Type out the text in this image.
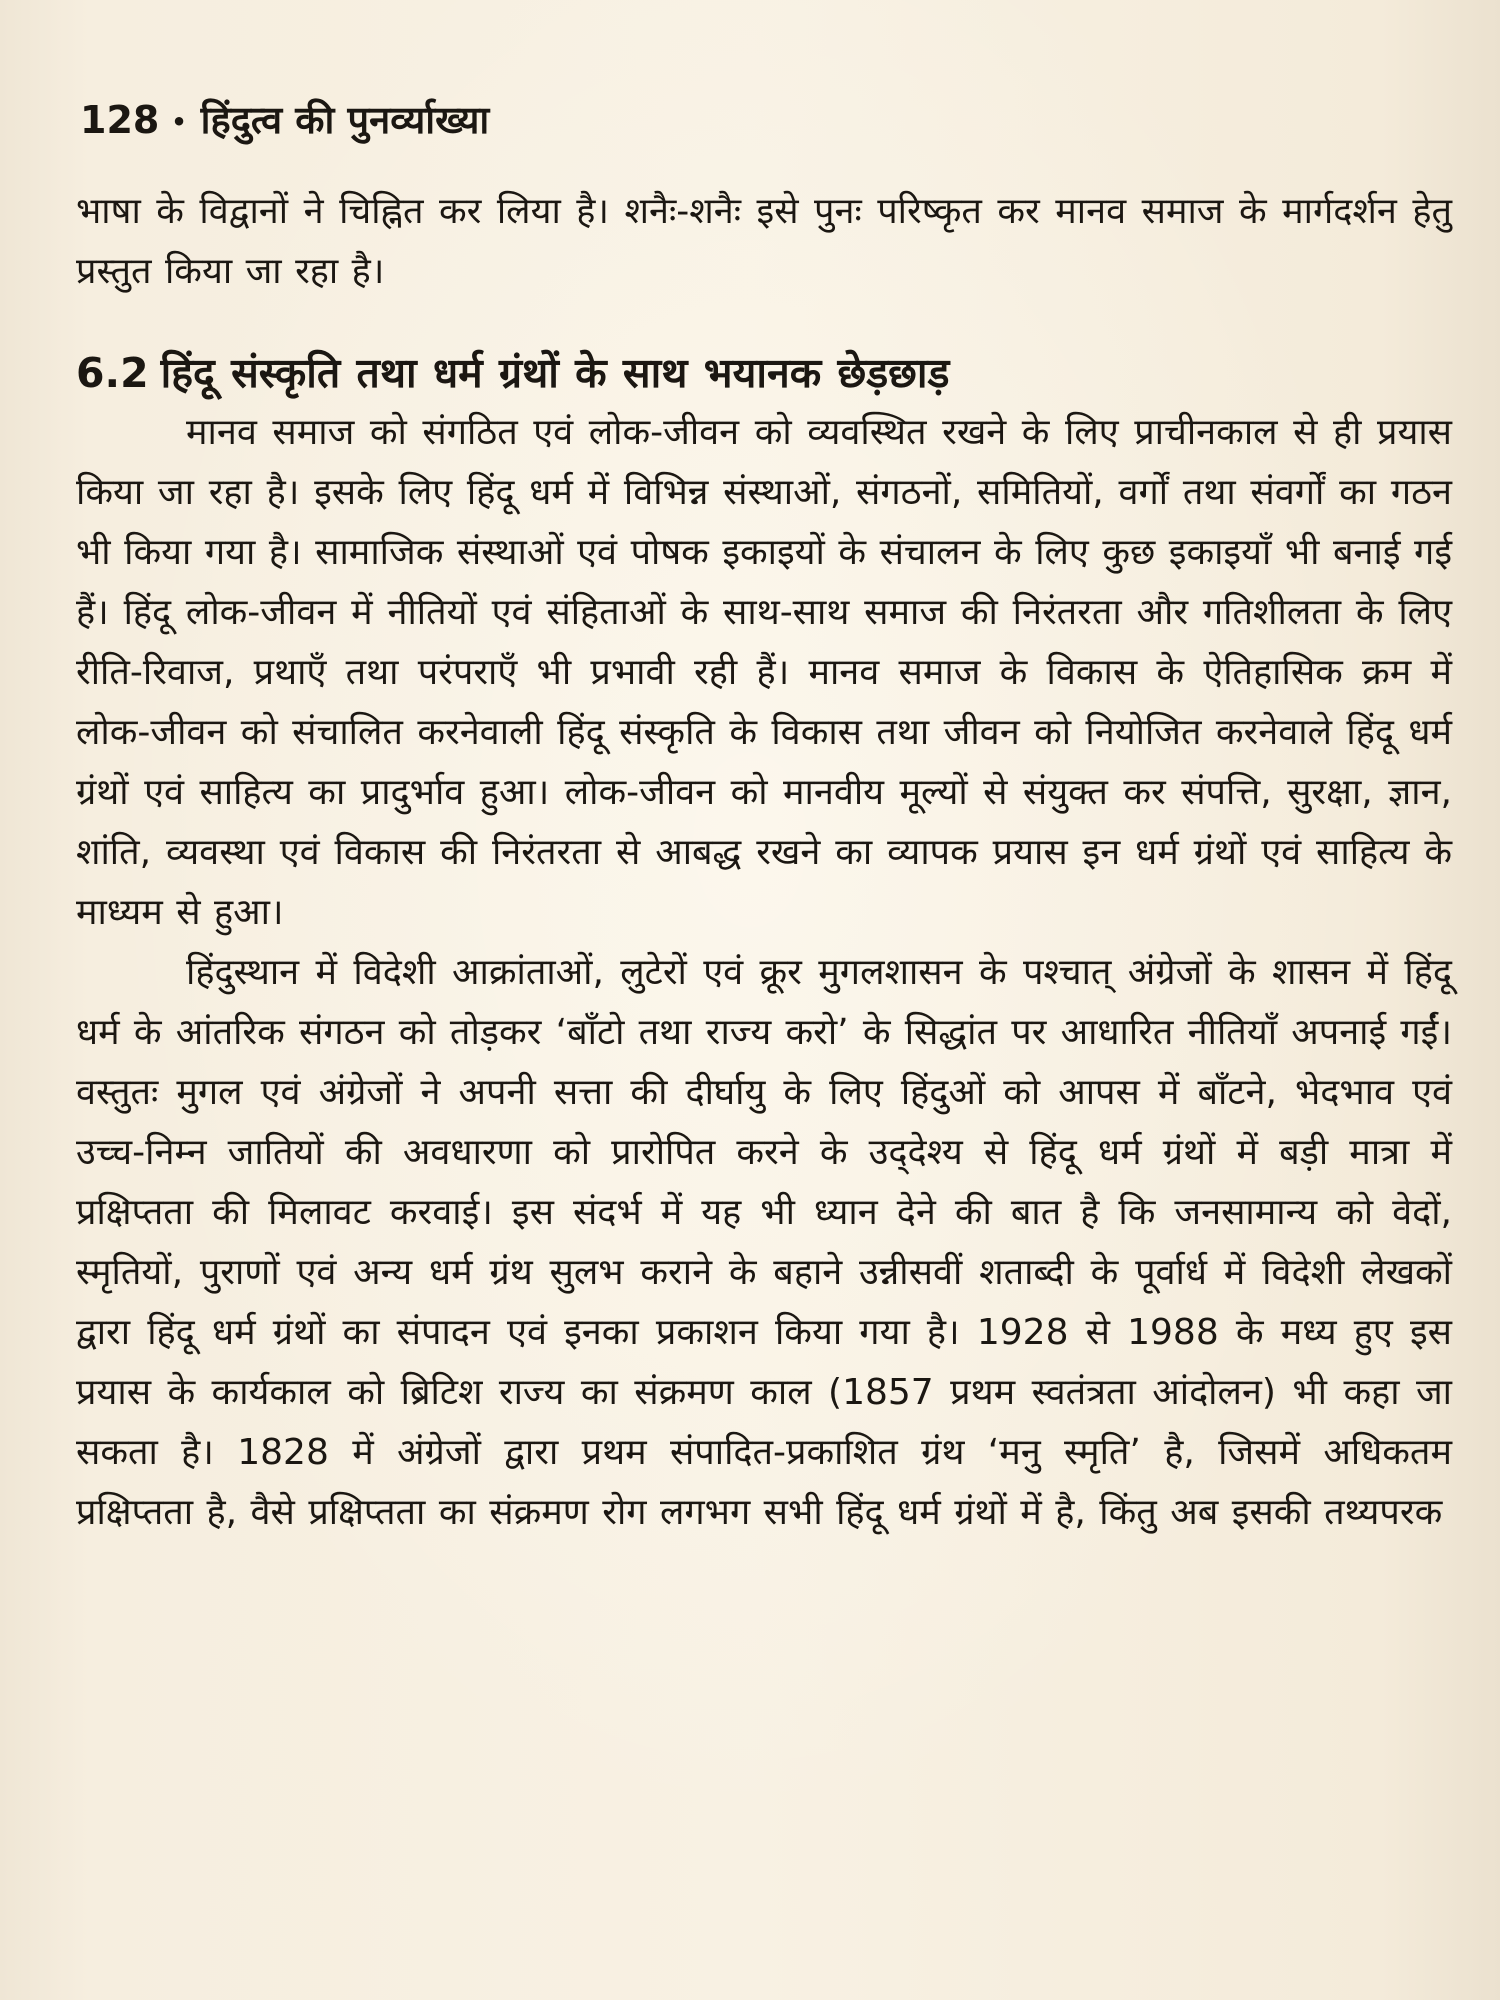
128 • हिंदुत्व की पुनर्व्याख्या

भाषा के विद्वानों ने चिह्नित कर लिया है। शनैः-शनैः इसे पुनः परिष्कृत कर मानव समाज के मार्गदर्शन हेतु प्रस्तुत किया जा रहा है।

6.2 हिंदू संस्कृति तथा धर्म ग्रंथों के साथ भयानक छेड़छाड़

मानव समाज को संगठित एवं लोक-जीवन को व्यवस्थित रखने के लिए प्राचीनकाल से ही प्रयास किया जा रहा है। इसके लिए हिंदू धर्म में विभिन्न संस्थाओं, संगठनों, समितियों, वर्गों तथा संवर्गों का गठन भी किया गया है। सामाजिक संस्थाओं एवं पोषक इकाइयों के संचालन के लिए कुछ इकाइयाँ भी बनाई गई हैं। हिंदू लोक-जीवन में नीतियों एवं संहिताओं के साथ-साथ समाज की निरंतरता और गतिशीलता के लिए रीति-रिवाज, प्रथाएँ तथा परंपराएँ भी प्रभावी रही हैं। मानव समाज के विकास के ऐतिहासिक क्रम में लोक-जीवन को संचालित करनेवाली हिंदू संस्कृति के विकास तथा जीवन को नियोजित करनेवाले हिंदू धर्म ग्रंथों एवं साहित्य का प्रादुर्भाव हुआ। लोक-जीवन को मानवीय मूल्यों से संयुक्त कर संपत्ति, सुरक्षा, ज्ञान, शांति, व्यवस्था एवं विकास की निरंतरता से आबद्ध रखने का व्यापक प्रयास इन धर्म ग्रंथों एवं साहित्य के माध्यम से हुआ।

हिंदुस्थान में विदेशी आक्रांताओं, लुटेरों एवं क्रूर मुगलशासन के पश्चात् अंग्रेजों के शासन में हिंदू धर्म के आंतरिक संगठन को तोड़कर ‘बाँटो तथा राज्य करो’ के सिद्धांत पर आधारित नीतियाँ अपनाई गईं। वस्तुतः मुगल एवं अंग्रेजों ने अपनी सत्ता की दीर्घायु के लिए हिंदुओं को आपस में बाँटने, भेदभाव एवं उच्च-निम्न जातियों की अवधारणा को प्रारोपित करने के उद्‌देश्य से हिंदू धर्म ग्रंथों में बड़ी मात्रा में प्रक्षिप्तता की मिलावट करवाई। इस संदर्भ में यह भी ध्यान देने की बात है कि जनसामान्य को वेदों, स्मृतियों, पुराणों एवं अन्य धर्म ग्रंथ सुलभ कराने के बहाने उन्नीसवीं शताब्दी के पूर्वार्ध में विदेशी लेखकों द्वारा हिंदू धर्म ग्रंथों का संपादन एवं इनका प्रकाशन किया गया है। 1928 से 1988 के मध्य हुए इस प्रयास के कार्यकाल को ब्रिटिश राज्य का संक्रमण काल (1857 प्रथम स्वतंत्रता आंदोलन) भी कहा जा सकता है। 1828 में अंग्रेजों द्वारा प्रथम संपादित-प्रकाशित ग्रंथ ‘मनु स्मृति’ है, जिसमें अधिकतम प्रक्षिप्तता है, वैसे प्रक्षिप्तता का संक्रमण रोग लगभग सभी हिंदू धर्म ग्रंथों में है, किंतु अब इसकी तथ्यपरक
